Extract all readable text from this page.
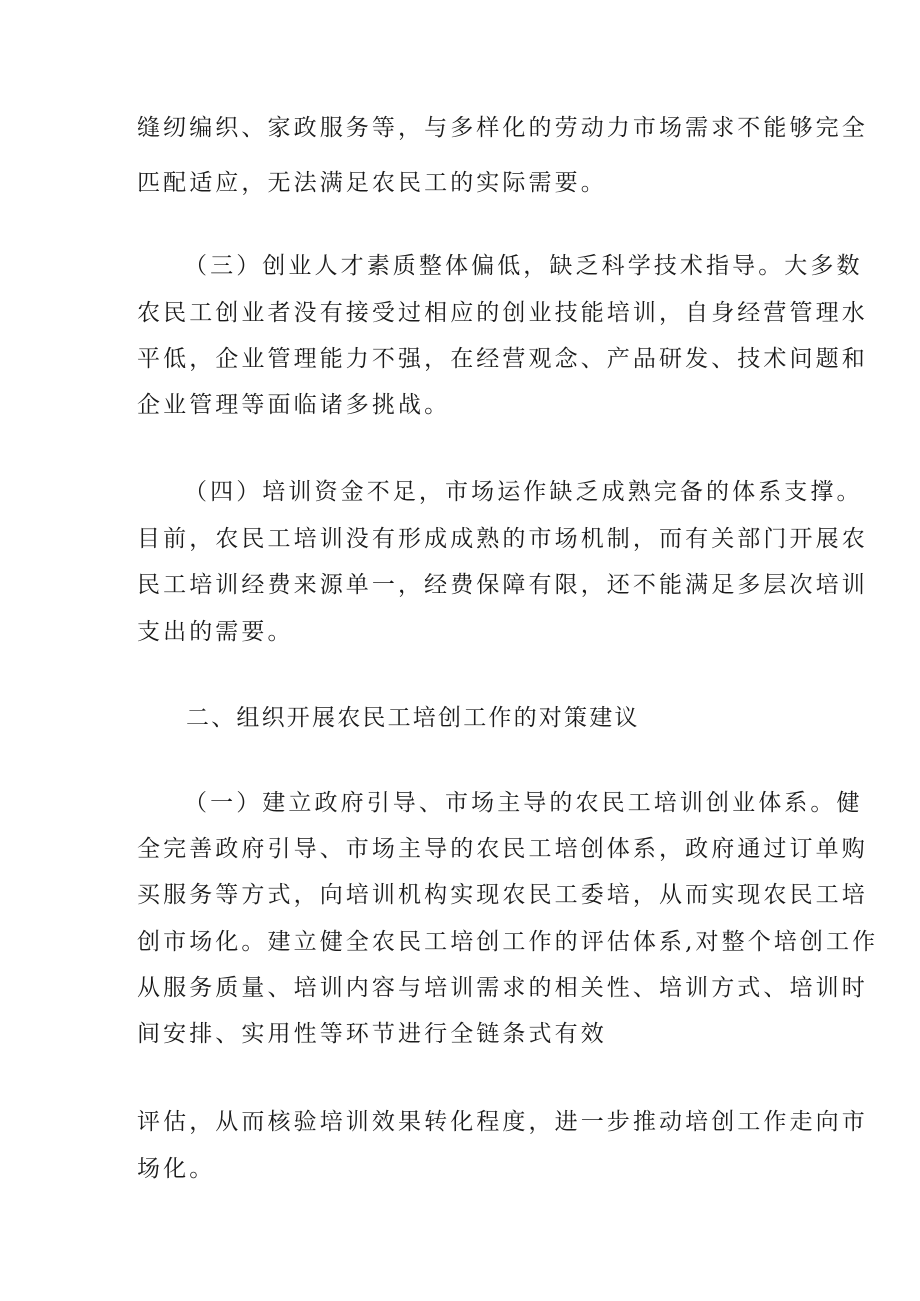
缝纫编织、家政服务等，与多样化的劳动力市场需求不能够完全
匹配适应，无法满足农民工的实际需要。
（三）创业人才素质整体偏低，缺乏科学技术指导。大多数
农民工创业者没有接受过相应的创业技能培训，自身经营管理水
平低，企业管理能力不强，在经营观念、产品研发、技术问题和
企业管理等面临诸多挑战。
（四）培训资金不足，市场运作缺乏成熟完备的体系支撑。
目前，农民工培训没有形成成熟的市场机制，而有关部门开展农
民工培训经费来源单一，经费保障有限，还不能满足多层次培训
支出的需要。
二、组织开展农民工培创工作的对策建议
（一）建立政府引导、市场主导的农民工培训创业体系。健
全完善政府引导、市场主导的农民工培创体系，政府通过订单购
买服务等方式，向培训机构实现农民工委培，从而实现农民工培
创市场化。建立健全农民工培创工作的评估体系,对整个培创工作
从服务质量、培训内容与培训需求的相关性、培训方式、培训时
间安排、实用性等环节进行全链条式有效
评估，从而核验培训效果转化程度，进一步推动培创工作走向市
场化。
